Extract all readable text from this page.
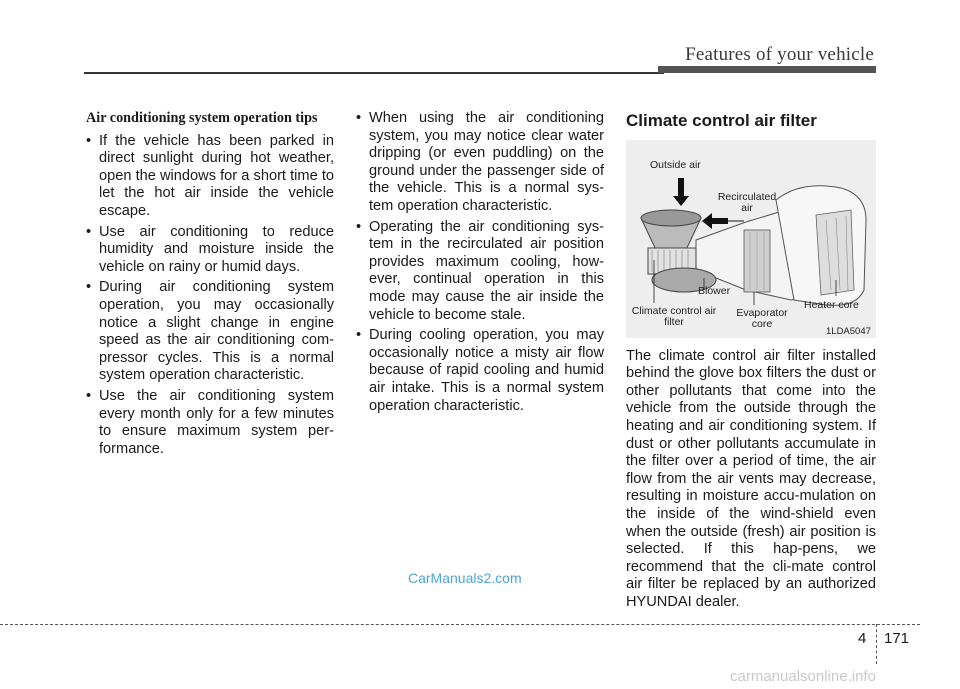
Features of your vehicle
Air conditioning system operation tips
• If the vehicle has been parked in direct sunlight during hot weather, open the windows for a short time to let the hot air inside the vehicle escape.
• Use air conditioning to reduce humidity and moisture inside the vehicle on rainy or humid days.
• During air conditioning system operation, you may occasionally notice a slight change in engine speed as the air conditioning com-pressor cycles. This is a normal system operation characteristic.
• Use the air conditioning system every month only for a few minutes to ensure maximum system per-formance.
• When using the air conditioning system, you may notice clear water dripping (or even puddling) on the ground under the passenger side of the vehicle. This is a normal sys-tem operation characteristic.
• Operating the air conditioning sys-tem in the recirculated air position provides maximum cooling, how-ever, continual operation in this mode may cause the air inside the vehicle to become stale.
• During cooling operation, you may occasionally notice a misty air flow because of rapid cooling and humid air intake. This is a normal system operation characteristic.
Climate control air filter
Outside air
Recirculated air
Blower
Climate control air filter
Evaporator core
Heater core
1LDA5047

The climate control air filter installed behind the glove box filters the dust or other pollutants that come into the vehicle from the outside through the heating and air conditioning system. If dust or other pollutants accumulate in the filter over a period of time, the air flow from the air vents may decrease, resulting in moisture accu-mulation on the inside of the wind-shield even when the outside (fresh) air position is selected. If this hap-pens, we recommend that the cli-mate control air filter be replaced by an authorized HYUNDAI dealer.

CarManuals2.com
4 171
carmanualsonline.info
